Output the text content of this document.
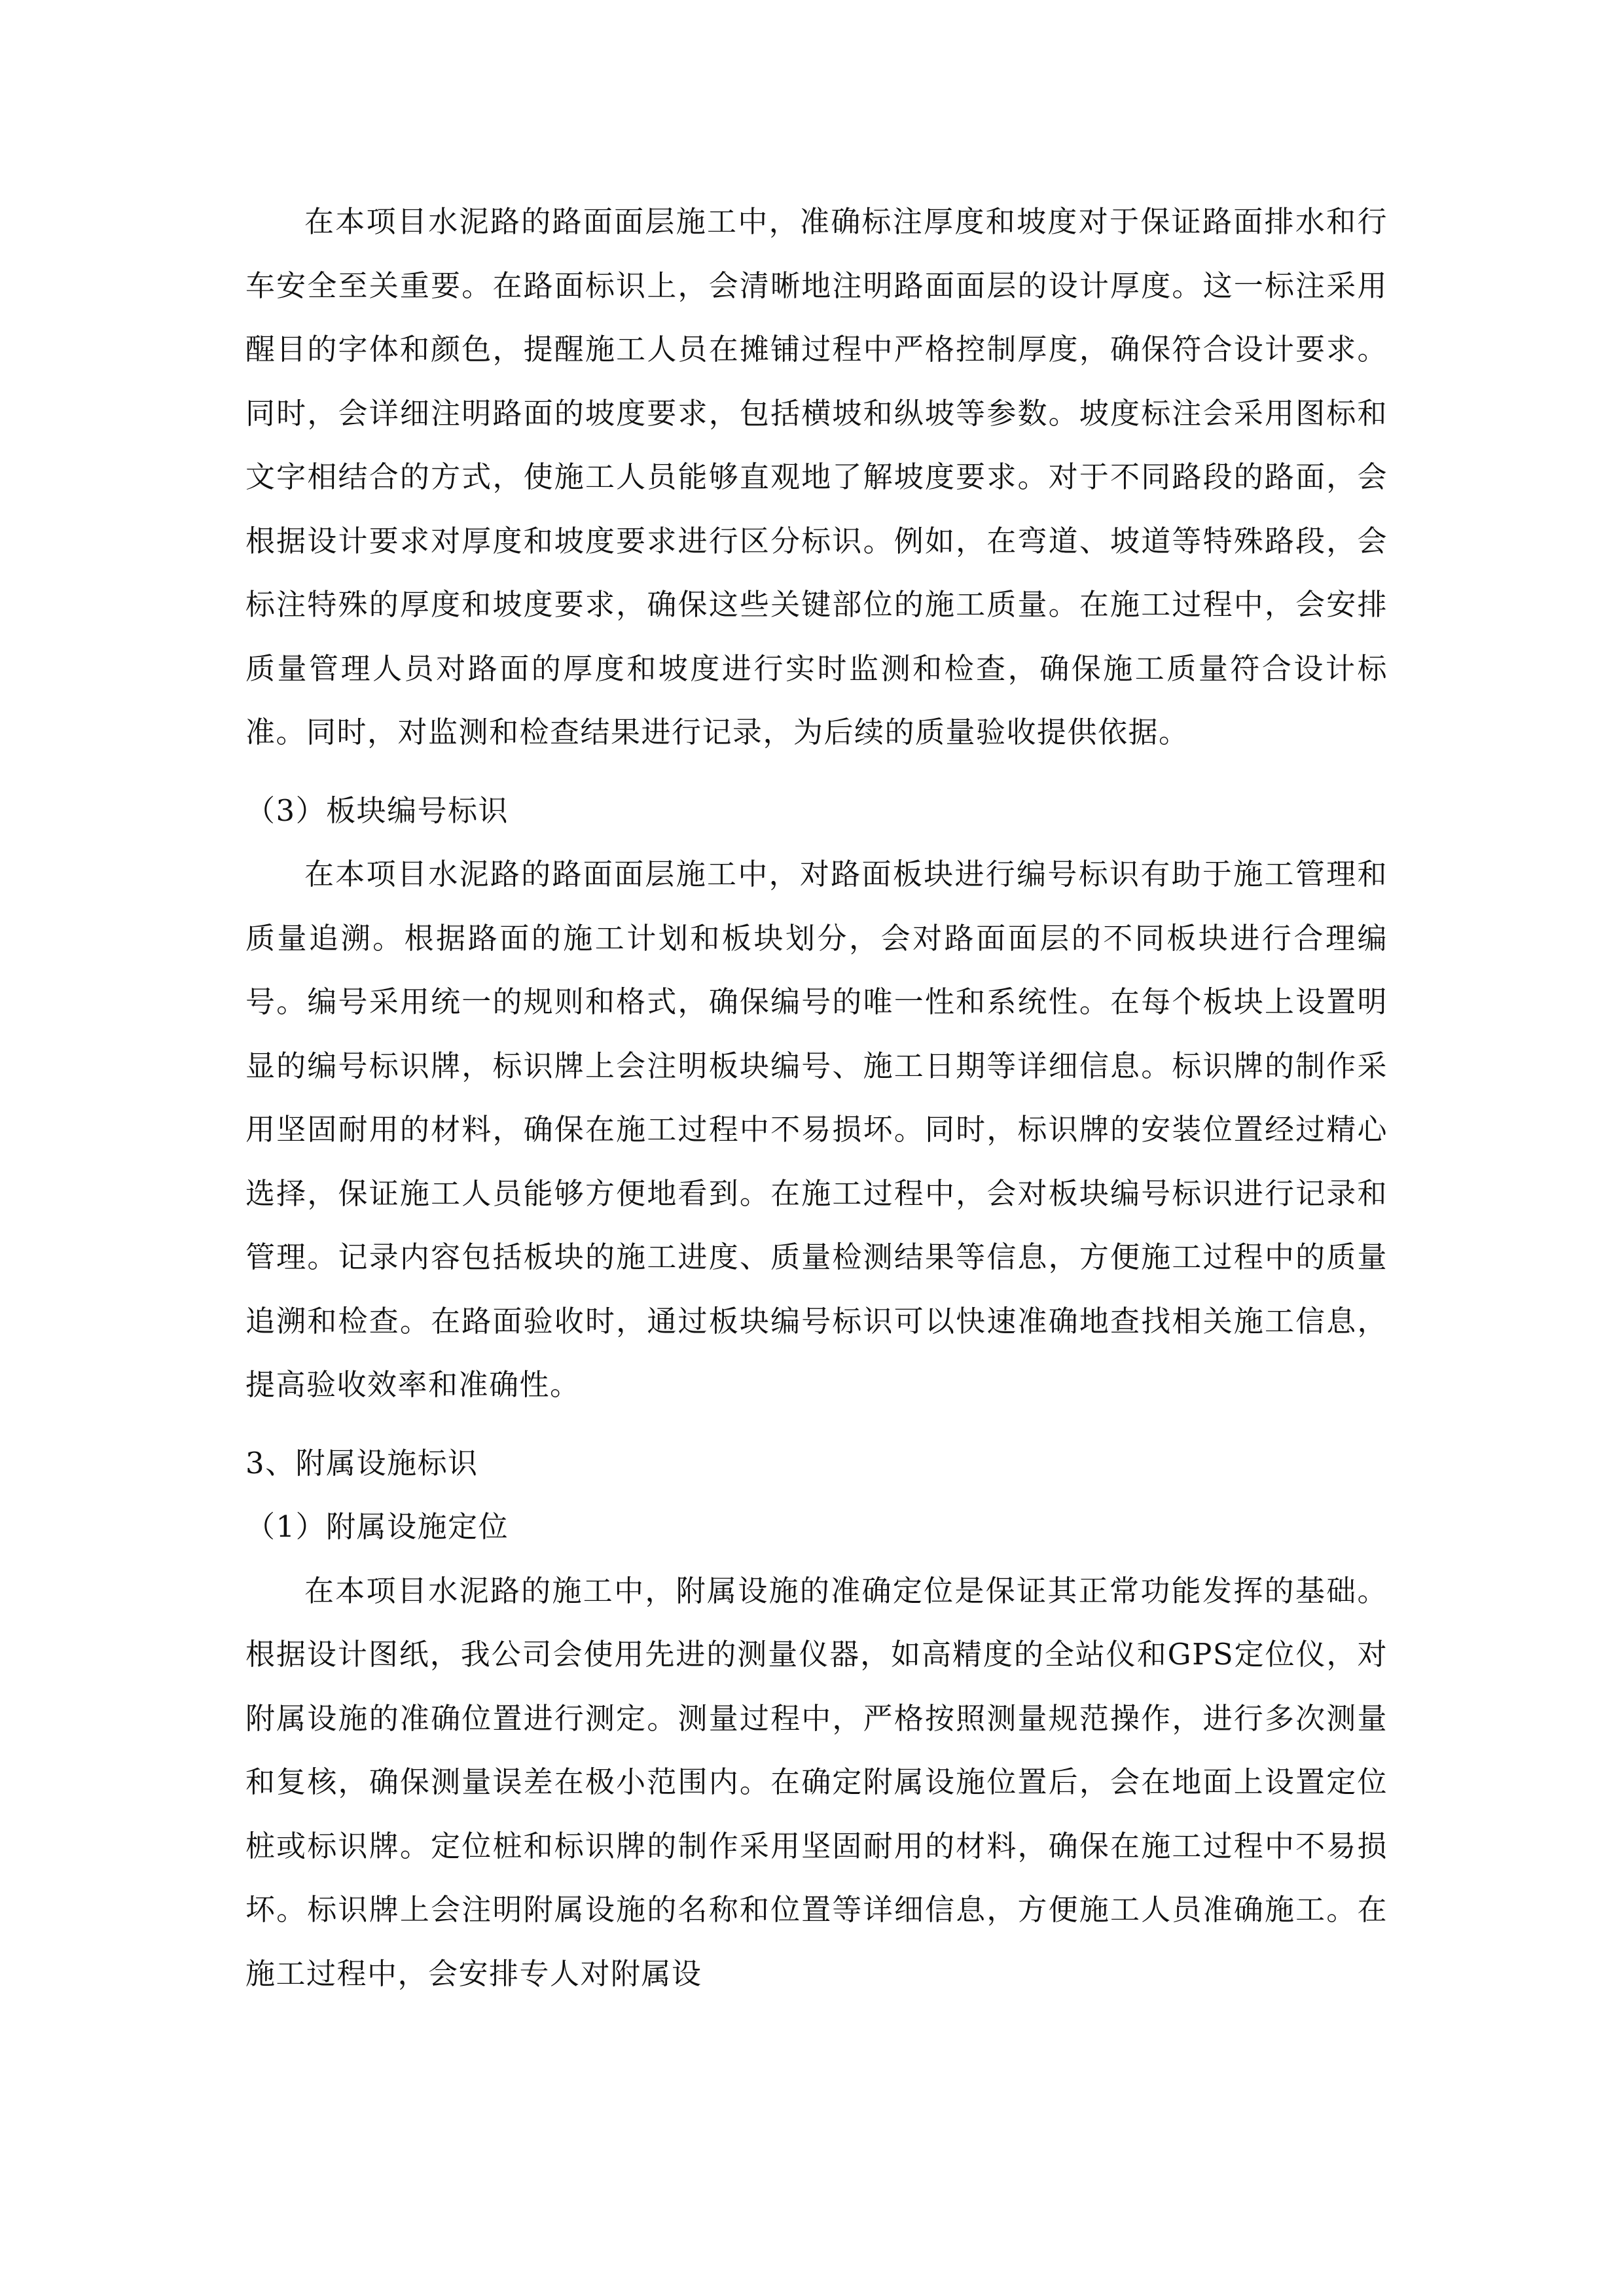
在本项目水泥路的路面面层施工中，准确标注厚度和坡度对于保证路面排水和行车安全至关重要。在路面标识上，会清晰地注明路面面层的设计厚度。这一标注采用醒目的字体和颜色，提醒施工人员在摊铺过程中严格控制厚度，确保符合设计要求。同时，会详细注明路面的坡度要求，包括横坡和纵坡等参数。坡度标注会采用图标和文字相结合的方式，使施工人员能够直观地了解坡度要求。对于不同路段的路面，会根据设计要求对厚度和坡度要求进行区分标识。例如，在弯道、坡道等特殊路段，会标注特殊的厚度和坡度要求，确保这些关键部位的施工质量。在施工过程中，会安排质量管理人员对路面的厚度和坡度进行实时监测和检查，确保施工质量符合设计标准。同时，对监测和检查结果进行记录，为后续的质量验收提供依据。

（3）板块编号标识

在本项目水泥路的路面面层施工中，对路面板块进行编号标识有助于施工管理和质量追溯。根据路面的施工计划和板块划分，会对路面面层的不同板块进行合理编号。编号采用统一的规则和格式，确保编号的唯一性和系统性。在每个板块上设置明显的编号标识牌，标识牌上会注明板块编号、施工日期等详细信息。标识牌的制作采用坚固耐用的材料，确保在施工过程中不易损坏。同时，标识牌的安装位置经过精心选择，保证施工人员能够方便地看到。在施工过程中，会对板块编号标识进行记录和管理。记录内容包括板块的施工进度、质量检测结果等信息，方便施工过程中的质量追溯和检查。在路面验收时，通过板块编号标识可以快速准确地查找相关施工信息，提高验收效率和准确性。

3、附属设施标识

（1）附属设施定位

在本项目水泥路的施工中，附属设施的准确定位是保证其正常功能发挥的基础。根据设计图纸，我公司会使用先进的测量仪器，如高精度的全站仪和GPS定位仪，对附属设施的准确位置进行测定。测量过程中，严格按照测量规范操作，进行多次测量和复核，确保测量误差在极小范围内。在确定附属设施位置后，会在地面上设置定位桩或标识牌。定位桩和标识牌的制作采用坚固耐用的材料，确保在施工过程中不易损坏。标识牌上会注明附属设施的名称和位置等详细信息，方便施工人员准确施工。在施工过程中，会安排专人对附属设
